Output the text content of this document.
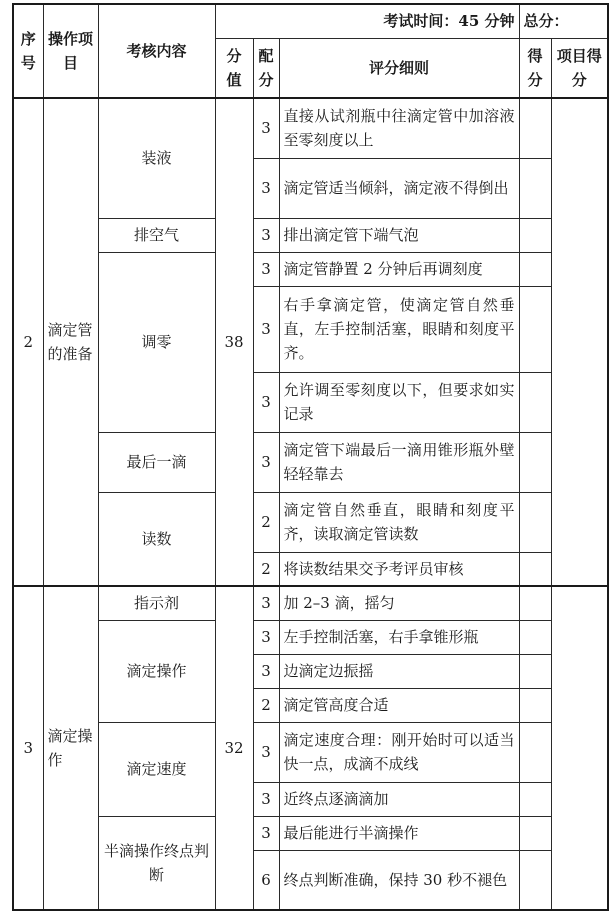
序号	操作项目	考核内容	考试时间：45 分钟			总分：	
			分值	配分	评分细则	得分	项目得分
2	滴定管的准备	装液	38	3	直接从试剂瓶中往滴定管中加溶液至零刻度以上		
				3	滴定管适当倾斜，滴定液不得倒出		
		排空气		3	排出滴定管下端气泡		
		调零		3	滴定管静置 2 分钟后再调刻度		
				3	右手拿滴定管，使滴定管自然垂直，左手控制活塞，眼睛和刻度平齐。		
				3	允许调至零刻度以下，但要求如实记录		
		最后一滴		3	滴定管下端最后一滴用锥形瓶外壁轻轻靠去		
		读数		2	滴定管自然垂直，眼睛和刻度平齐，读取滴定管读数		
				2	将读数结果交予考评员审核		
3	滴定操作	指示剂	32	3	加 2–3 滴，摇匀		
		滴定操作		3	左手控制活塞，右手拿锥形瓶		
				3	边滴定边振摇		
				2	滴定管高度合适		
		滴定速度		3	滴定速度合理：刚开始时可以适当快一点，成滴不成线		
				3	近终点逐滴滴加		
		半滴操作终点判断		3	最后能进行半滴操作		
				6	终点判断准确，保持 30 秒不褪色		
